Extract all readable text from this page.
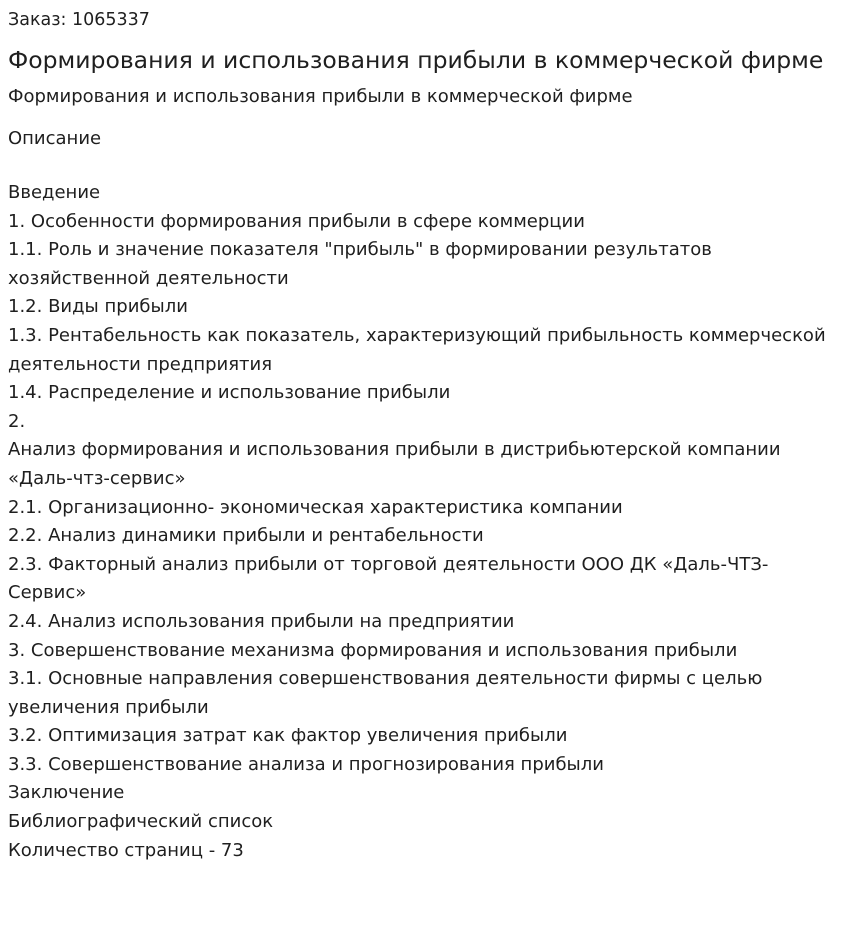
Заказ: 1065337
Формирования и использования прибыли в коммерческой фирме
Формирования и использования прибыли в коммерческой фирме
Описание
Введение
1. Особенности формирования прибыли в сфере коммерции
1.1. Роль и значение показателя "прибыль" в формировании результатов хозяйственной деятельности
1.2. Виды прибыли
1.3. Рентабельность как показатель, характеризующий прибыльность коммерческой деятельности предприятия
1.4. Распределение и использование прибыли
2.
Анализ формирования и использования прибыли в дистрибьютерской компании «Даль-чтз-сервис»
2.1. Организационно- экономическая характеристика компании
2.2. Анализ динамики прибыли и рентабельности
2.3. Факторный анализ прибыли от торговой деятельности ООО ДК «Даль-ЧТЗ-Сервис»
2.4. Анализ использования прибыли на предприятии
3. Совершенствование механизма формирования и использования прибыли
3.1. Основные направления совершенствования деятельности фирмы с целью увеличения прибыли
3.2. Оптимизация затрат как фактор увеличения прибыли
3.3. Совершенствование анализа и прогнозирования прибыли
Заключение
Библиографический список
Количество страниц - 73
